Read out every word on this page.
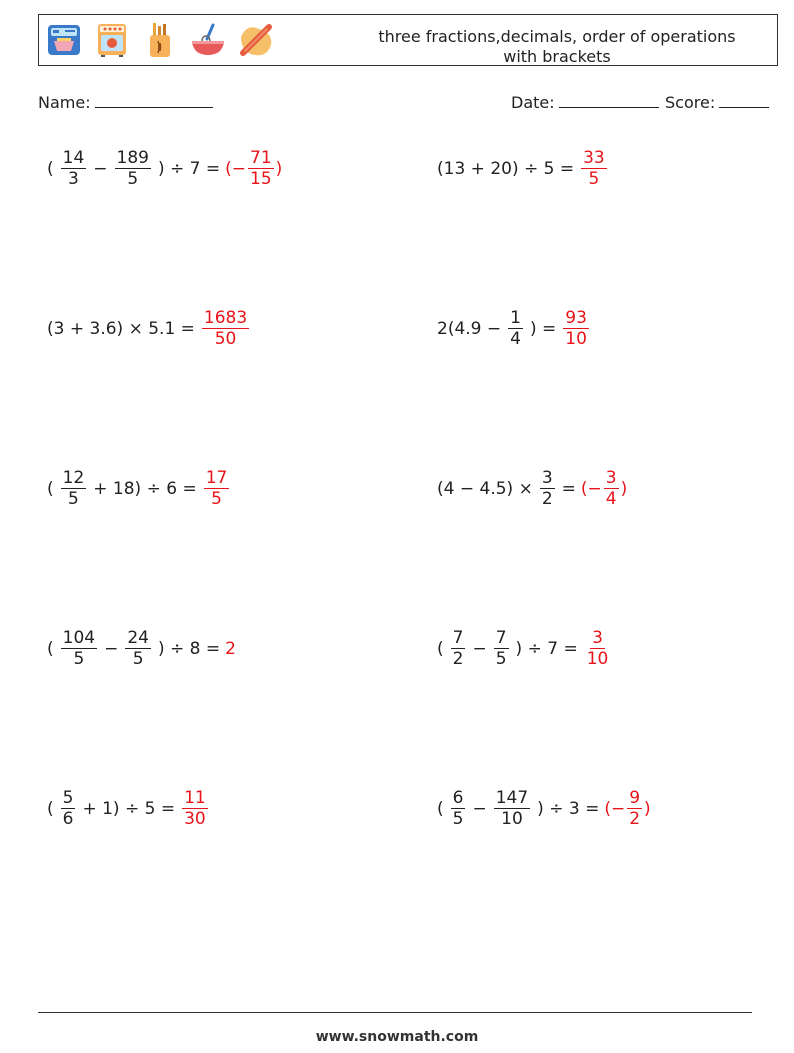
three fractions,decimals, order of operations
with brackets
Name:	Date:	Score:
( $\frac{14}{3} - \frac{189}{5}$ ) ÷ 7 = (− $\frac{71}{15}$ )	$(13 + 20) \div 5 = \frac{33}{5}$
$(3 + 3.6) \times 5.1 = \frac{1683}{50}$	$2(4.9 - \frac{1}{4}$ ) = $\frac{93}{10}$
( $\frac{12}{5} + 18) \div 6 = \frac{17}{5}$	$(4 - 4.5) \times \frac{3}{2}$ = (− $\frac{3}{4}$ )
( $\frac{104}{5} - \frac{24}{5}$ ) ÷ 8 = 2	( $\frac{7}{2} - \frac{7}{5}$ ) ÷ $7 = \frac{3}{10}$
( $\frac{5}{6} + 1) \div 5 = \frac{11}{30}$	( $\frac{6}{5} - \frac{147}{10}$ ) ÷ 3 = (− $\frac{9}{2}$ )
www.snowmath.com
